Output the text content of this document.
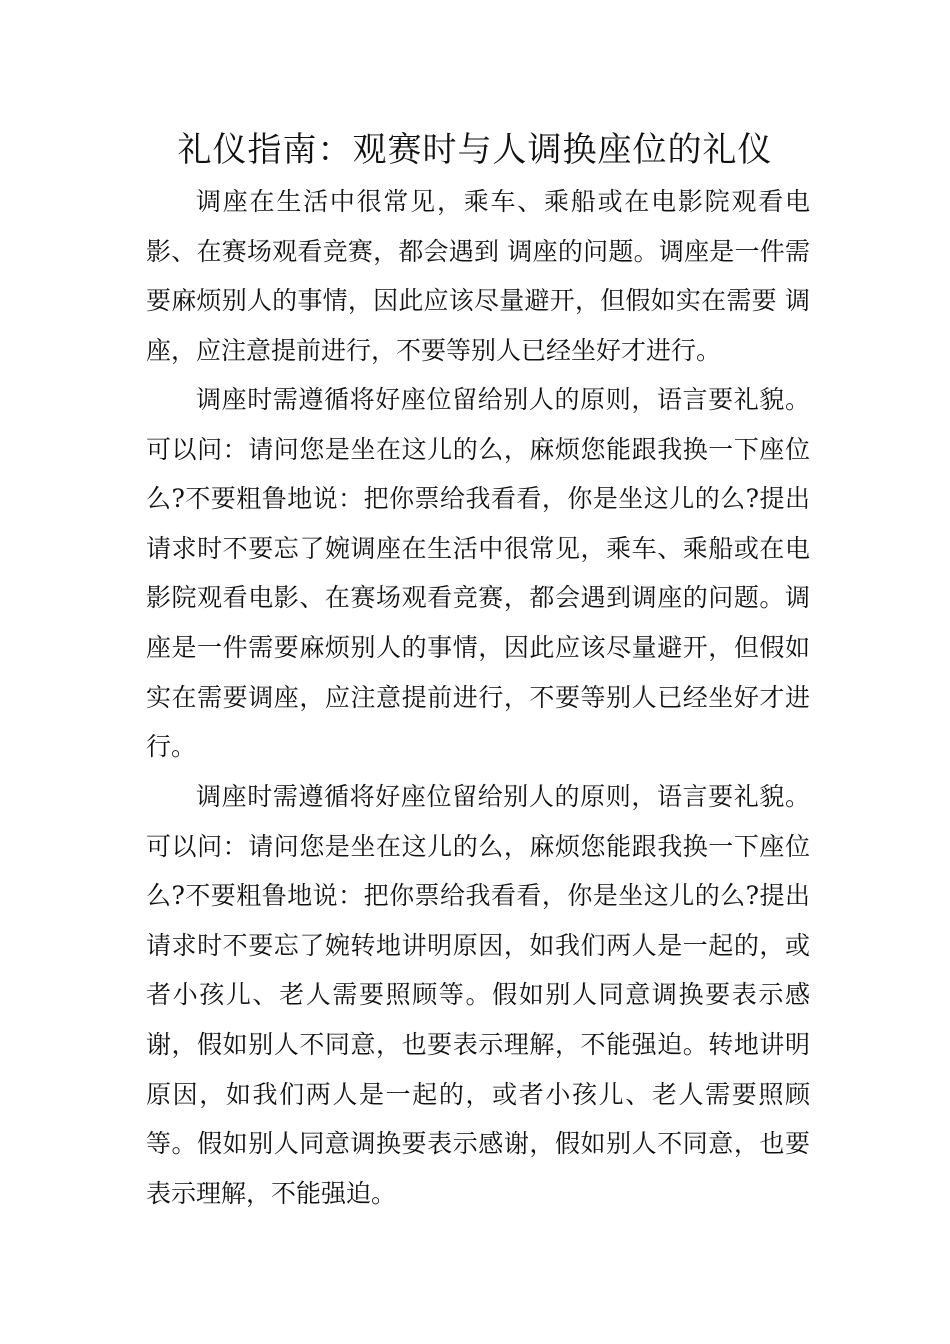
礼仪指南：观赛时与人调换座位的礼仪

调座在生活中很常见，乘车、乘船或在电影院观看电影、在赛场观看竞赛，都会遇到 调座的问题。调座是一件需要麻烦别人的事情，因此应该尽量避开，但假如实在需要 调座，应注意提前进行，不要等别人已经坐好才进行。

调座时需遵循将好座位留给别人的原则，语言要礼貌。可以问：请问您是坐在这儿的么，麻烦您能跟我换一下座位么?不要粗鲁地说：把你票给我看看，你是坐这儿的么?提出请求时不要忘了婉调座在生活中很常见，乘车、乘船或在电影院观看电影、在赛场观看竞赛，都会遇到调座的问题。调座是一件需要麻烦别人的事情，因此应该尽量避开，但假如实在需要调座，应注意提前进行，不要等别人已经坐好才进行。

调座时需遵循将好座位留给别人的原则，语言要礼貌。可以问：请问您是坐在这儿的么，麻烦您能跟我换一下座位么?不要粗鲁地说：把你票给我看看，你是坐这儿的么?提出请求时不要忘了婉转地讲明原因，如我们两人是一起的，或者小孩儿、老人需要照顾等。假如别人同意调换要表示感谢，假如别人不同意，也要表示理解，不能强迫。转地讲明原因，如我们两人是一起的，或者小孩儿、老人需要照顾等。假如别人同意调换要表示感谢，假如别人不同意，也要表示理解，不能强迫。
